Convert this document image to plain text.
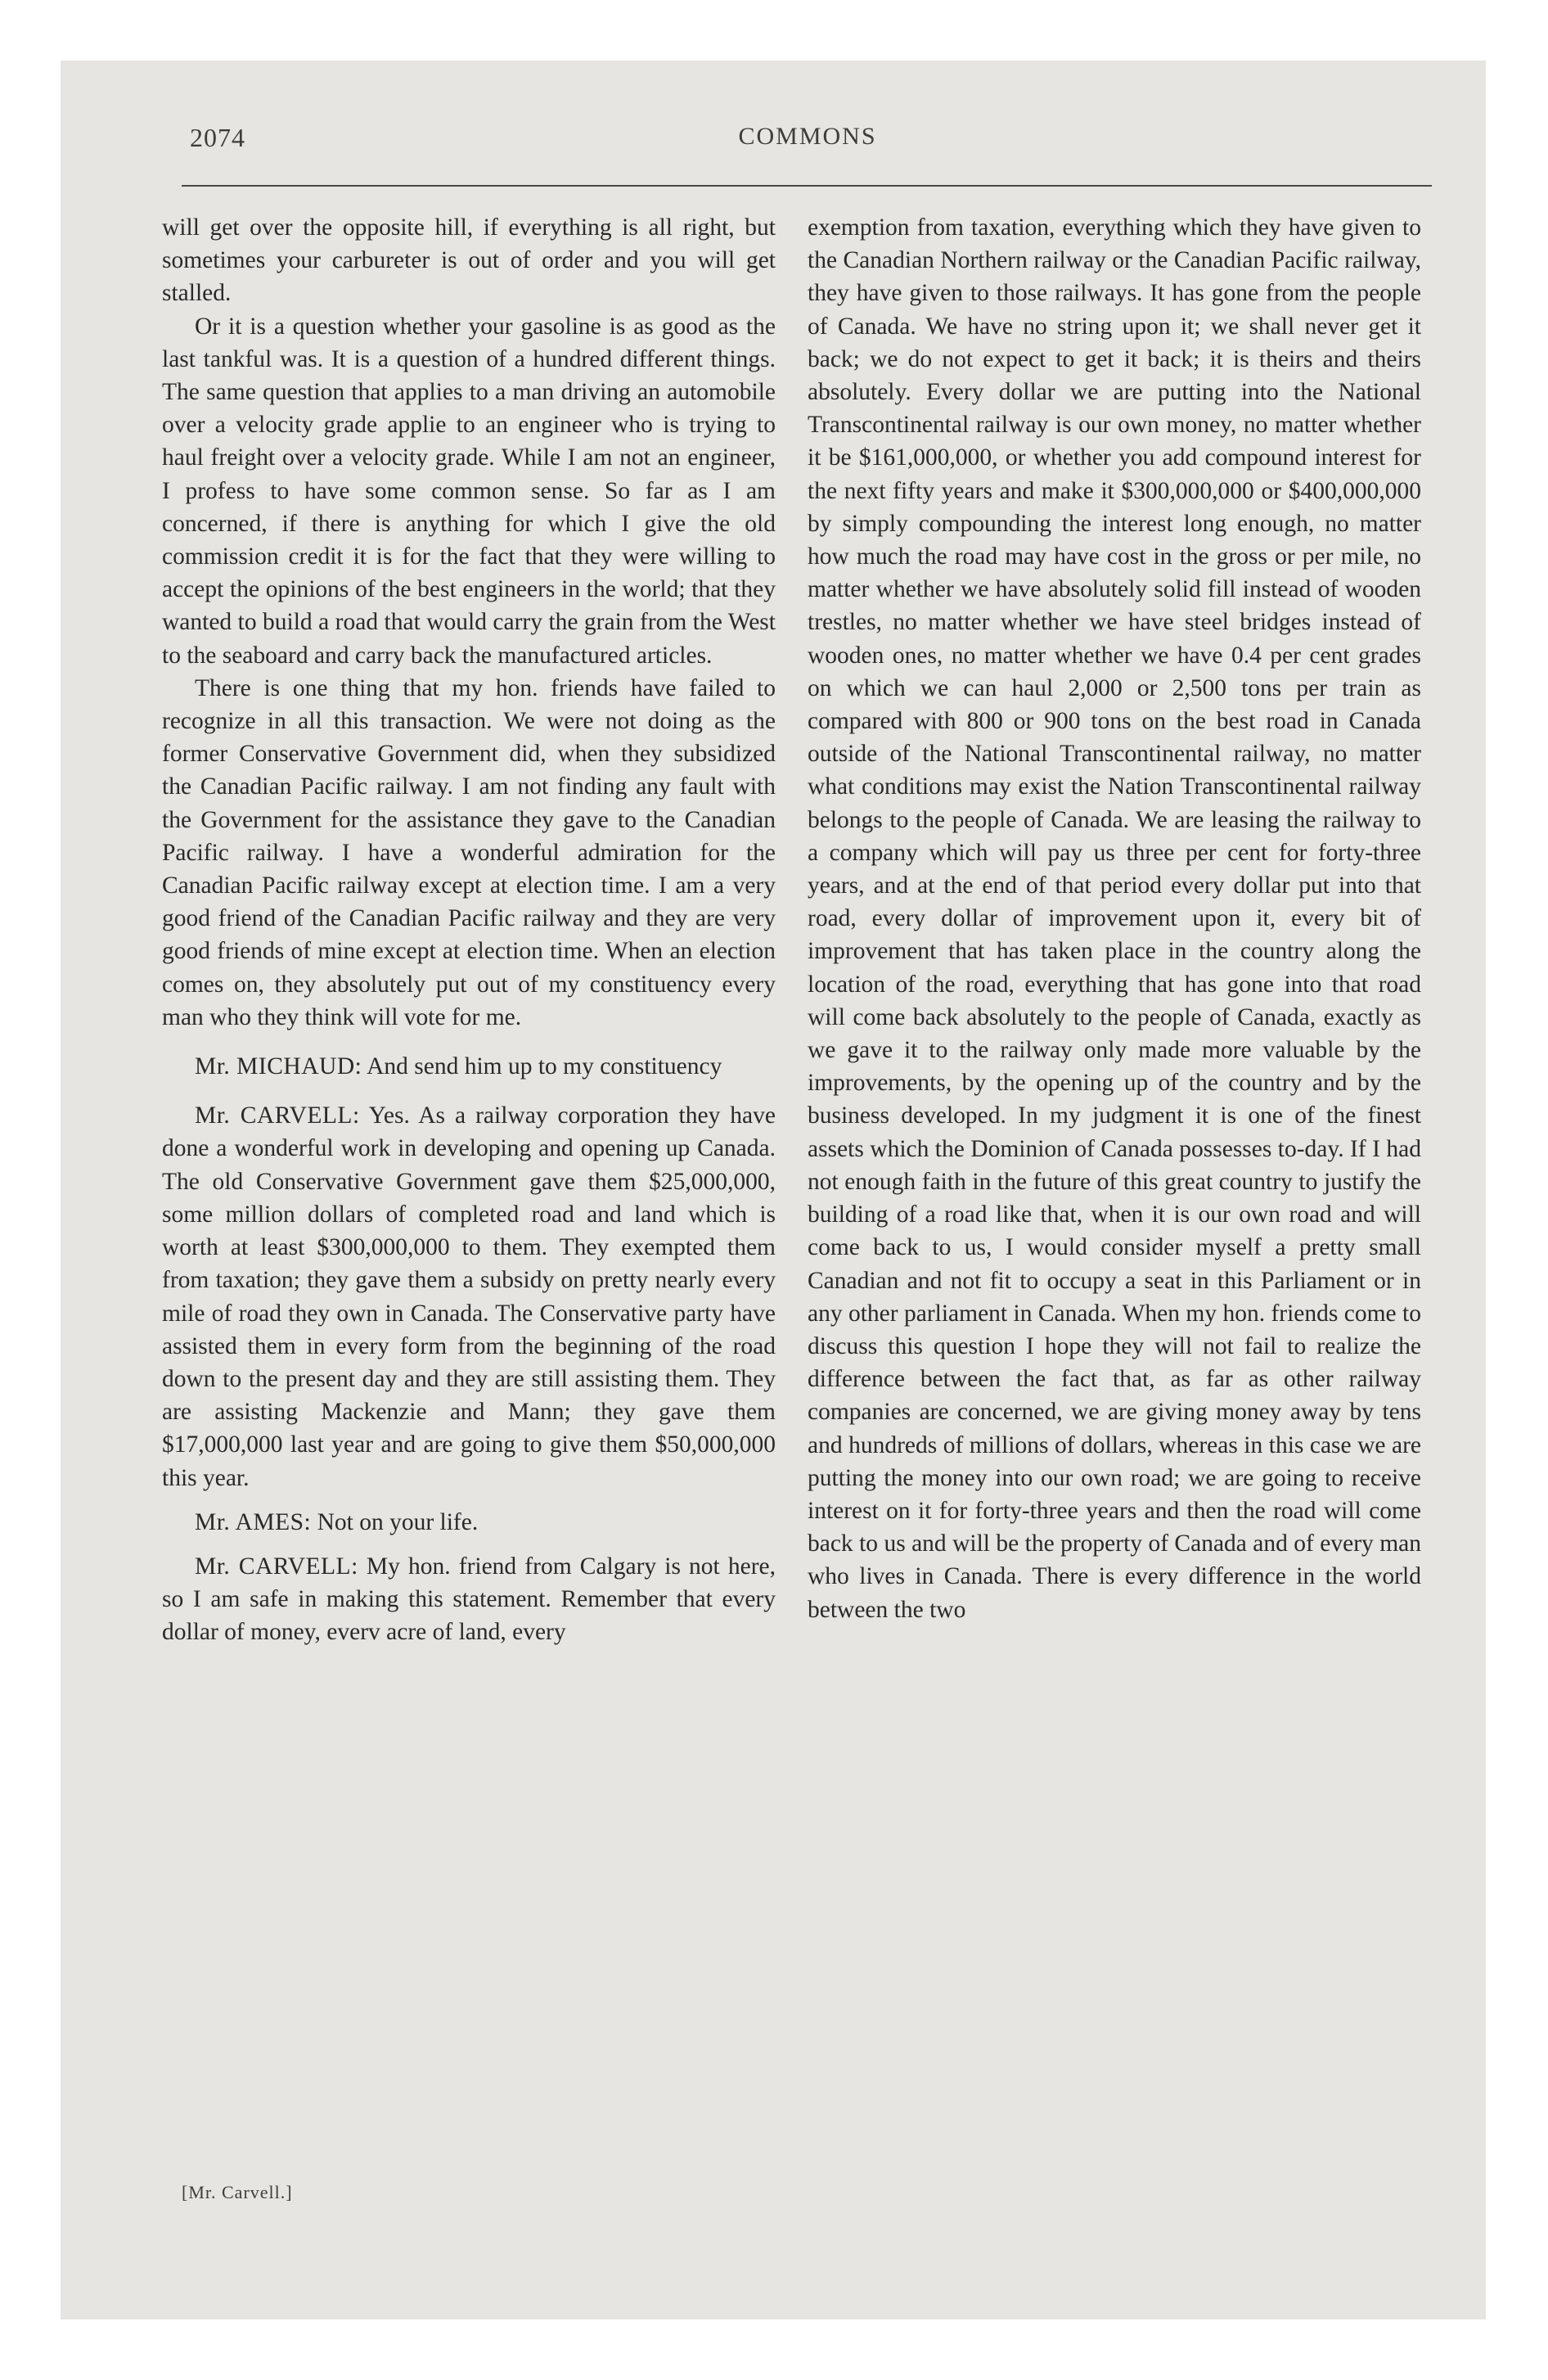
2074	COMMONS

will get over the opposite hill, if everything is all right, but sometimes your carbureter is out of order and you will get stalled.

Or it is a question whether your gasoline is as good as the last tankful was. It is a question of a hundred different things. The same question that applies to a man driving an automobile over a velocity grade applie to an engineer who is trying to haul freight over a velocity grade. While I am not an engineer, I profess to have some common sense. So far as I am concerned, if there is anything for which I give the old commission credit it is for the fact that they were willing to accept the opinions of the best engineers in the world; that they wanted to build a road that would carry the grain from the West to the seaboard and carry back the manufactured articles.

There is one thing that my hon. friends have failed to recognize in all this transaction. We were not doing as the former Conservative Government did, when they subsidized the Canadian Pacific railway. I am not finding any fault with the Government for the assistance they gave to the Canadian Pacific railway. I have a wonderful admiration for the Canadian Pacific railway except at election time. I am a very good friend of the Canadian Pacific railway and they are very good friends of mine except at election time. When an election comes on, they absolutely put out of my constituency every man who they think will vote for me.

Mr. MICHAUD: And send him up to my constituency

Mr. CARVELL: Yes. As a railway corporation they have done a wonderful work in developing and opening up Canada. The old Conservative Government gave them $25,000,000, some million dollars of completed road and land which is worth at least $300,000,000 to them. They exempted them from taxation; they gave them a subsidy on pretty nearly every mile of road they own in Canada. The Conservative party have assisted them in every form from the beginning of the road down to the present day and they are still assisting them. They are assisting Mackenzie and Mann; they gave them $17,000,000 last year and are going to give them $50,000,000 this year.

Mr. AMES: Not on your life.

Mr. CARVELL: My hon. friend from Calgary is not here, so I am safe in making this statement. Remember that every dollar of money, everv acre of land, every

exemption from taxation, everything which they have given to the Canadian Northern railway or the Canadian Pacific railway, they have given to those railways. It has gone from the people of Canada. We have no string upon it; we shall never get it back; we do not expect to get it back; it is theirs and theirs absolutely. Every dollar we are putting into the National Transcontinental railway is our own money, no matter whether it be $161,000,000, or whether you add compound interest for the next fifty years and make it $300,000,000 or $400,000,000 by simply compounding the interest long enough, no matter how much the road may have cost in the gross or per mile, no matter whether we have absolutely solid fill instead of wooden trestles, no matter whether we have steel bridges instead of wooden ones, no matter whether we have 0.4 per cent grades on which we can haul 2,000 or 2,500 tons per train as compared with 800 or 900 tons on the best road in Canada outside of the National Transcontinental railway, no matter what conditions may exist the Nation Transcontinental railway belongs to the people of Canada. We are leasing the railway to a company which will pay us three per cent for forty-three years, and at the end of that period every dollar put into that road, every dollar of improvement upon it, every bit of improvement that has taken place in the country along the location of the road, everything that has gone into that road will come back absolutely to the people of Canada, exactly as we gave it to the railway only made more valuable by the improvements, by the opening up of the country and by the business developed. In my judgment it is one of the finest assets which the Dominion of Canada possesses to-day. If I had not enough faith in the future of this great country to justify the building of a road like that, when it is our own road and will come back to us, I would consider myself a pretty small Canadian and not fit to occupy a seat in this Parliament or in any other parliament in Canada. When my hon. friends come to discuss this question I hope they will not fail to realize the difference between the fact that, as far as other railway companies are concerned, we are giving money away by tens and hundreds of millions of dollars, whereas in this case we are putting the money into our own road; we are going to receive interest on it for forty-three years and then the road will come back to us and will be the property of Canada and of every man who lives in Canada. There is every difference in the world between the two

[Mr. Carvell.]
